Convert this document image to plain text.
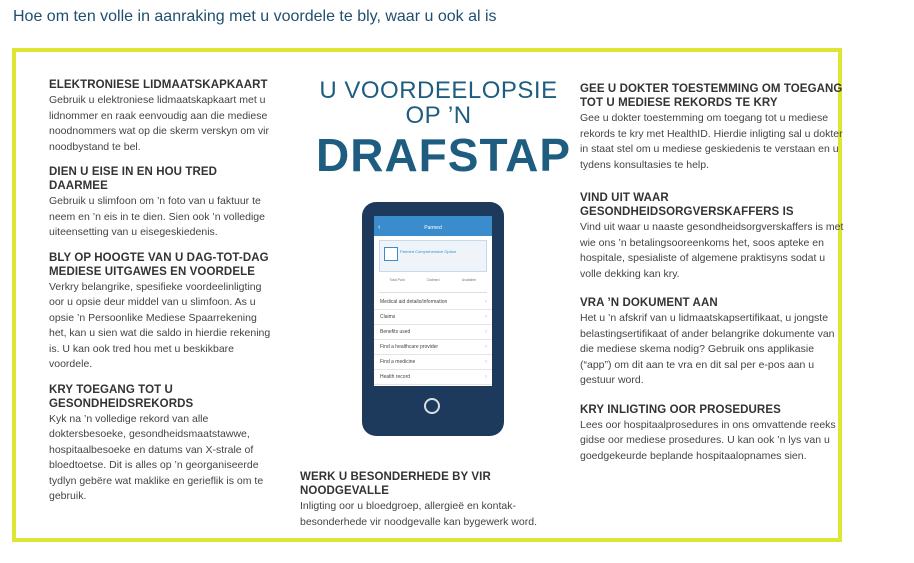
Hoe om ten volle in aanraking met u voordele te bly, waar u ook al is
ELEKTRONIESE LIDMAATSKAPKAART
Gebruik u elektroniese lidmaatskapkaart met u lidnommer en raak eenvoudig aan die mediese noodnommers wat op die skerm verskyn om vir noodbystand te bel.
DIEN U EISE IN EN HOU TRED DAARMEE
Gebruik u slimfoon om ’n foto van u faktuur te neem en ’n eis in te dien. Sien ook ’n volledige uiteensetting van u eisegeskiedenis.
BLY OP HOOGTE VAN U DAG-TOT-DAG MEDIESE UITGAWES EN VOORDELE
Verkry belangrike, spesifieke voordeelinligting oor u opsie deur middel van u slimfoon. As u opsie ’n Persoonlike Mediese Spaarrekening het, kan u sien wat die saldo in hierdie rekening is. U kan ook tred hou met u beskikbare voordele.
KRY TOEGANG TOT U GESONDHEIDSREKORDS
Kyk na ’n volledige rekord van alle doktersbesoeke, gesondheidsmaatstawwe, hospitaalbesoeke en datums van X-strale of bloedtoetse. Dit is alles op ’n georganiseerde tydlyn gebëre wat maklike en gerieflik is om te gebruik.
U VOORDEELOPSIE
OP ’N
DRAFSTAP
‹	Parmed
Parmed Comprehensive Option
Total Paid	Claimed	Available
Medical aid details/information	›
Claims	›
Benefits used	›
Find a healthcare provider	›
Find a medicine	›
Health record	›
WERK U BESONDERHEDE BY VIR NOODGEVALLE
Inligting oor u bloedgroep, allergieë en kontak-besonderhede vir noodgevalle kan bygewerk word.
GEE U DOKTER TOESTEMMING OM TOEGANG TOT U MEDIESE REKORDS TE KRY
Gee u dokter toestemming om toegang tot u mediese rekords te kry met HealthID. Hierdie inligting sal u dokter in staat stel om u mediese geskiedenis te verstaan en u tydens konsultasies te help.
VIND UIT WAAR GESONDHEIDSORGVERSKAFFERS IS
Vind uit waar u naaste gesondheidsorgverskaffers is met wie ons ’n betalingsooreenkoms het, soos apteke en hospitale, spesialiste of algemene praktisyns sodat u volle dekking kan kry.
VRA ’N DOKUMENT AAN
Het u ’n afskrif van u lidmaatskapsertifikaat, u jongste belastingsertifikaat of ander belangrike dokumente van die mediese skema nodig? Gebruik ons applikasie (“app”) om dit aan te vra en dit sal per e-pos aan u gestuur word.
KRY INLIGTING OOR PROSEDURES
Lees oor hospitaalprosedures in ons omvattende reeks gidse oor mediese prosedures. U kan ook ’n lys van u goedgekeurde beplande hospitaalopnames sien.
